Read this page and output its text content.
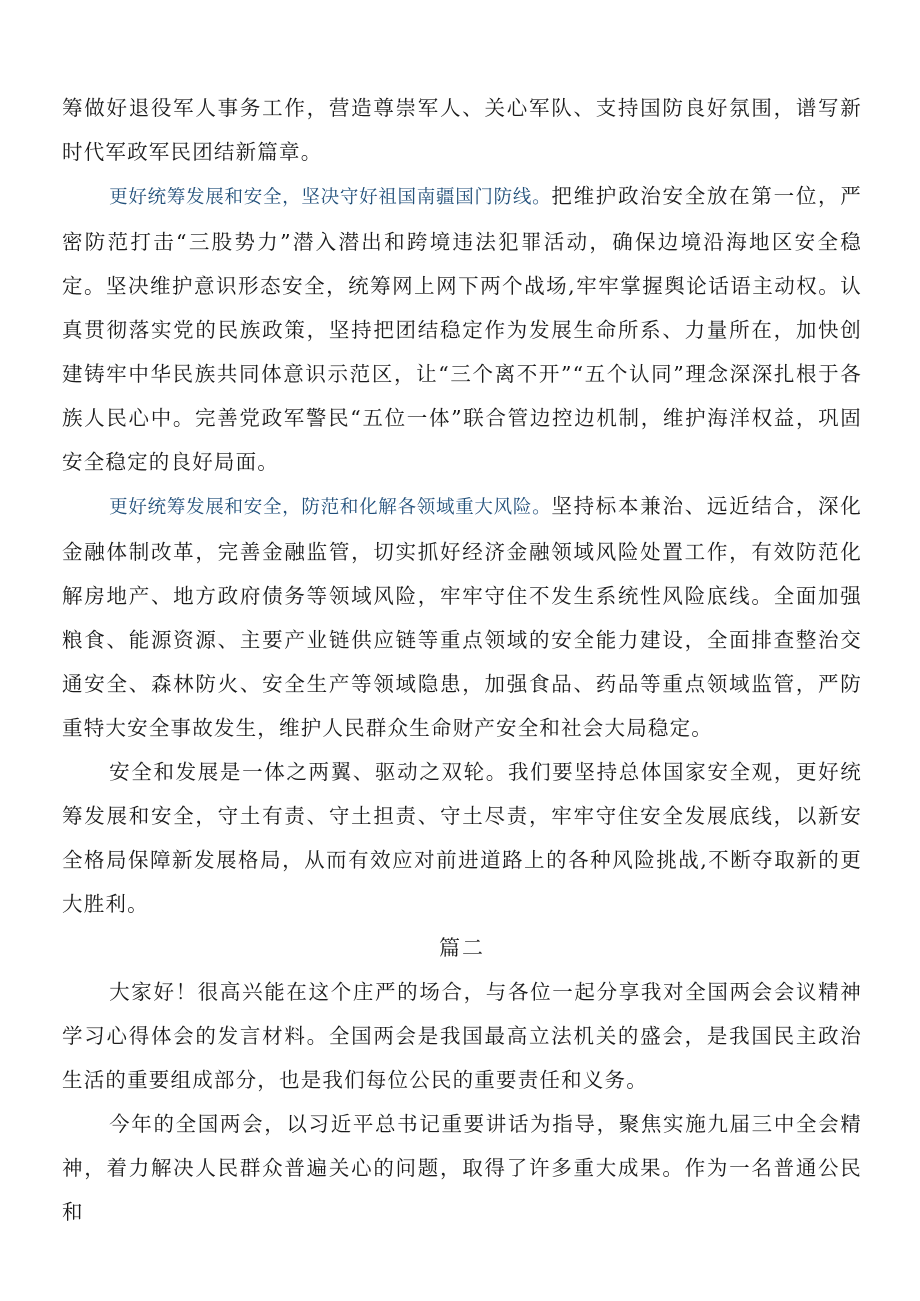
筹做好退役军人事务工作，营造尊崇军人、关心军队、支持国防良好氛围，谱写新时代军政军民团结新篇章。

更好统筹发展和安全，坚决守好祖国南疆国门防线。把维护政治安全放在第一位，严密防范打击“三股势力”潜入潜出和跨境违法犯罪活动，确保边境沿海地区安全稳定。坚决维护意识形态安全，统筹网上网下两个战场,牢牢掌握舆论话语主动权。认真贯彻落实党的民族政策，坚持把团结稳定作为发展生命所系、力量所在，加快创建铸牢中华民族共同体意识示范区，让“三个离不开”“五个认同”理念深深扎根于各族人民心中。完善党政军警民“五位一体”联合管边控边机制，维护海洋权益，巩固安全稳定的良好局面。

更好统筹发展和安全，防范和化解各领域重大风险。坚持标本兼治、远近结合，深化金融体制改革，完善金融监管，切实抓好经济金融领域风险处置工作，有效防范化解房地产、地方政府债务等领域风险，牢牢守住不发生系统性风险底线。全面加强粮食、能源资源、主要产业链供应链等重点领域的安全能力建设，全面排查整治交通安全、森林防火、安全生产等领域隐患，加强食品、药品等重点领域监管，严防重特大安全事故发生，维护人民群众生命财产安全和社会大局稳定。

安全和发展是一体之两翼、驱动之双轮。我们要坚持总体国家安全观，更好统筹发展和安全，守土有责、守土担责、守土尽责，牢牢守住安全发展底线，以新安全格局保障新发展格局，从而有效应对前进道路上的各种风险挑战,不断夺取新的更大胜利。

篇二

大家好！很高兴能在这个庄严的场合，与各位一起分享我对全国两会会议精神学习心得体会的发言材料。全国两会是我国最高立法机关的盛会，是我国民主政治生活的重要组成部分，也是我们每位公民的重要责任和义务。

今年的全国两会，以习近平总书记重要讲话为指导，聚焦实施九届三中全会精神，着力解决人民群众普遍关心的问题，取得了许多重大成果。作为一名普通公民和
